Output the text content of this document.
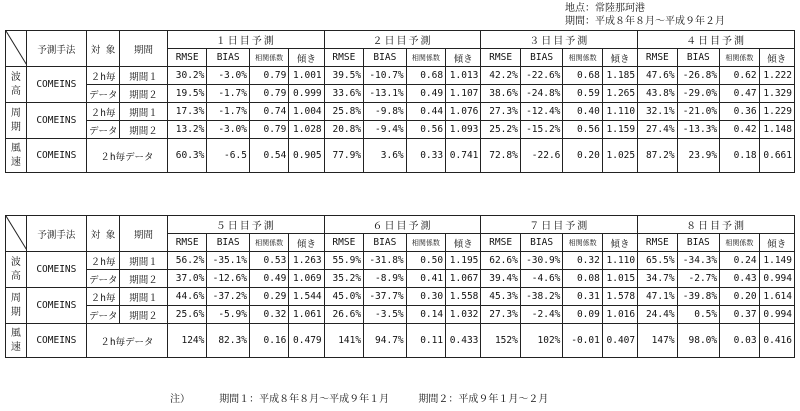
地点：常陸那珂港
期間：平成８年８月～平成９年２月
	予測手法	対 象	期間	１日目予測				２日目予測				３日目予測				４日目予測			
				RMSE	BIAS	相関係数	傾き	RMSE	BIAS	相関係数	傾き	RMSE	BIAS	相関係数	傾き	RMSE	BIAS	相関係数	傾き

波
高	COMEINS	２h毎	期間１	30.2%	-3.0%	0.79	1.001	39.5%	-10.7%	0.68	1.013	42.2%	-22.6%	0.68	1.185	47.6%	-26.8%	0.62	1.222
		データ	期間２	19.5%	-1.7%	0.79	0.999	33.6%	-13.1%	0.49	1.107	38.6%	-24.8%	0.59	1.265	43.8%	-29.0%	0.47	1.329

周
期	COMEINS	２h毎	期間１	17.3%	-1.7%	0.74	1.004	25.8%	-9.8%	0.44	1.076	27.3%	-12.4%	0.40	1.110	32.1%	-21.0%	0.36	1.229
		データ	期間２	13.2%	-3.0%	0.79	1.028	20.8%	-9.4%	0.56	1.093	25.2%	-15.2%	0.56	1.159	27.4%	-13.3%	0.42	1.148

風
速	COMEINS	２h毎データ		60.3%	-6.5	0.54	0.905	77.9%	3.6%	0.33	0.741	72.8%	-22.6	0.20	1.025	87.2%	23.9%	0.18	0.661
	予測手法	対 象	期間	５日目予測				６日目予測				７日目予測				８日目予測			
				RMSE	BIAS	相関係数	傾き	RMSE	BIAS	相関係数	傾き	RMSE	BIAS	相関係数	傾き	RMSE	BIAS	相関係数	傾き

波
高	COMEINS	２h毎	期間１	56.2%	-35.1%	0.53	1.263	55.9%	-31.8%	0.50	1.195	62.6%	-30.9%	0.32	1.110	65.5%	-34.3%	0.24	1.149
		データ	期間２	37.0%	-12.6%	0.49	1.069	35.2%	-8.9%	0.41	1.067	39.4%	-4.6%	0.08	1.015	34.7%	-2.7%	0.43	0.994

周
期	COMEINS	２h毎	期間１	44.6%	-37.2%	0.29	1.544	45.0%	-37.7%	0.30	1.558	45.3%	-38.2%	0.31	1.578	47.1%	-39.8%	0.20	1.614
		データ	期間２	25.6%	-5.9%	0.32	1.061	26.6%	-3.5%	0.14	1.032	27.3%	-2.4%	0.09	1.016	24.4%	0.5%	0.37	0.994

風
速	COMEINS	２h毎データ		124%	82.3%	0.16	0.479	141%	94.7%	0.11	0.433	152%	102%	-0.01	0.407	147%	98.0%	0.03	0.416
注）	期間１：平成８年８月～平成９年１月	期間２：平成９年１月～２月
